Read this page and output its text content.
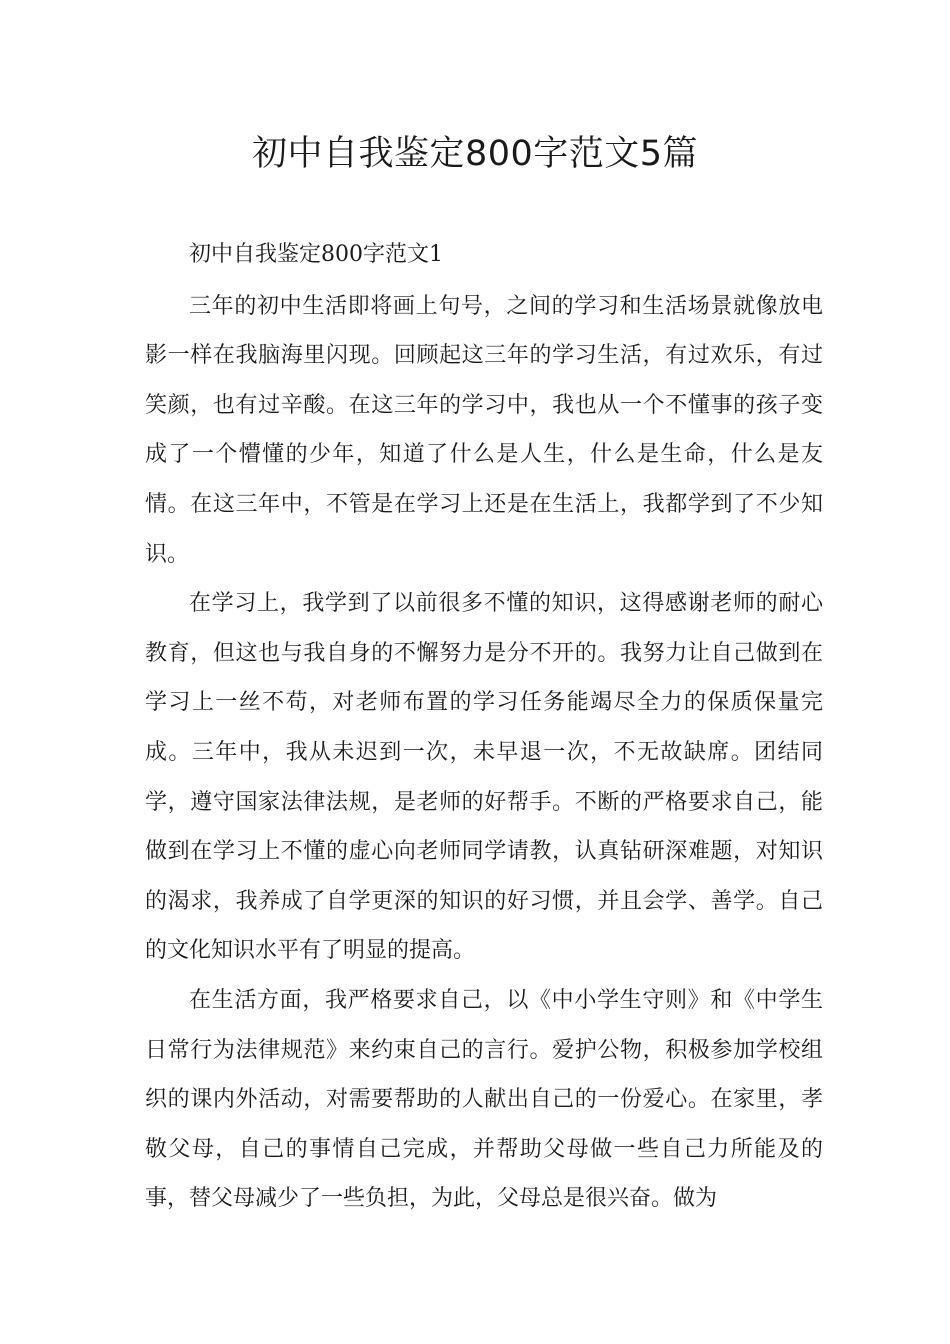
初中自我鉴定800字范文5篇

初中自我鉴定800字范文1

三年的初中生活即将画上句号，之间的学习和生活场景就像放电影一样在我脑海里闪现。回顾起这三年的学习生活，有过欢乐，有过笑颜，也有过辛酸。在这三年的学习中，我也从一个不懂事的孩子变成了一个懵懂的少年，知道了什么是人生，什么是生命，什么是友情。在这三年中，不管是在学习上还是在生活上，我都学到了不少知识。

在学习上，我学到了以前很多不懂的知识，这得感谢老师的耐心教育，但这也与我自身的不懈努力是分不开的。我努力让自己做到在学习上一丝不苟，对老师布置的学习任务能竭尽全力的保质保量完成。三年中，我从未迟到一次，未早退一次，不无故缺席。团结同学，遵守国家法律法规，是老师的好帮手。不断的严格要求自己，能做到在学习上不懂的虚心向老师同学请教，认真钻研深难题，对知识的渴求，我养成了自学更深的知识的好习惯，并且会学、善学。自己的文化知识水平有了明显的提高。

在生活方面，我严格要求自己，以《中小学生守则》和《中学生日常行为法律规范》来约束自己的言行。爱护公物，积极参加学校组织的课内外活动，对需要帮助的人献出自己的一份爱心。在家里，孝敬父母，自己的事情自己完成，并帮助父母做一些自己力所能及的事，替父母减少了一些负担，为此，父母总是很兴奋。做为
